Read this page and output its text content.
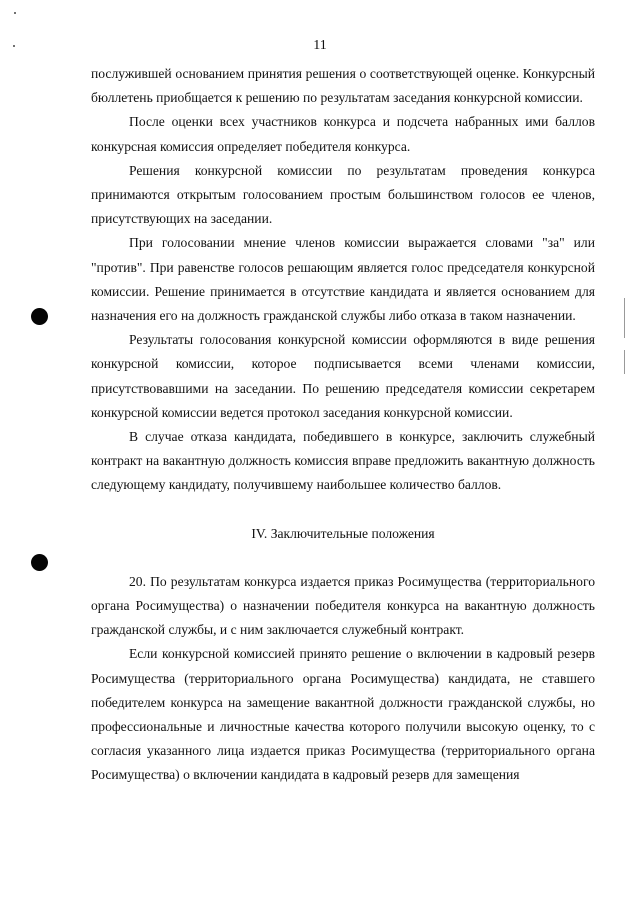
11

послужившей основанием принятия решения о соответствующей оценке. Конкурсный бюллетень приобщается к решению по результатам заседания конкурсной комиссии.

После оценки всех участников конкурса и подсчета набранных ими баллов конкурсная комиссия определяет победителя конкурса.

Решения конкурсной комиссии по результатам проведения конкурса принимаются открытым голосованием простым большинством голосов ее членов, присутствующих на заседании.

При голосовании мнение членов комиссии выражается словами "за" или "против". При равенстве голосов решающим является голос председателя конкурсной комиссии. Решение принимается в отсутствие кандидата и является основанием для назначения его на должность гражданской службы либо отказа в таком назначении.

Результаты голосования конкурсной комиссии оформляются в виде решения конкурсной комиссии, которое подписывается всеми членами комиссии, присутствовавшими на заседании. По решению председателя комиссии секретарем конкурсной комиссии ведется протокол заседания конкурсной комиссии.

В случае отказа кандидата, победившего в конкурсе, заключить служебный контракт на вакантную должность комиссия вправе предложить вакантную должность следующему кандидату, получившему наибольшее количество баллов.

IV. Заключительные положения

20. По результатам конкурса издается приказ Росимущества (территориального органа Росимущества) о назначении победителя конкурса на вакантную должность гражданской службы, и с ним заключается служебный контракт.

Если конкурсной комиссией принято решение о включении в кадровый резерв Росимущества (территориального органа Росимущества) кандидата, не ставшего победителем конкурса на замещение вакантной должности гражданской службы, но профессиональные и личностные качества которого получили высокую оценку, то с согласия указанного лица издается приказ Росимущества (территориального органа Росимущества) о включении кандидата в кадровый резерв для замещения
